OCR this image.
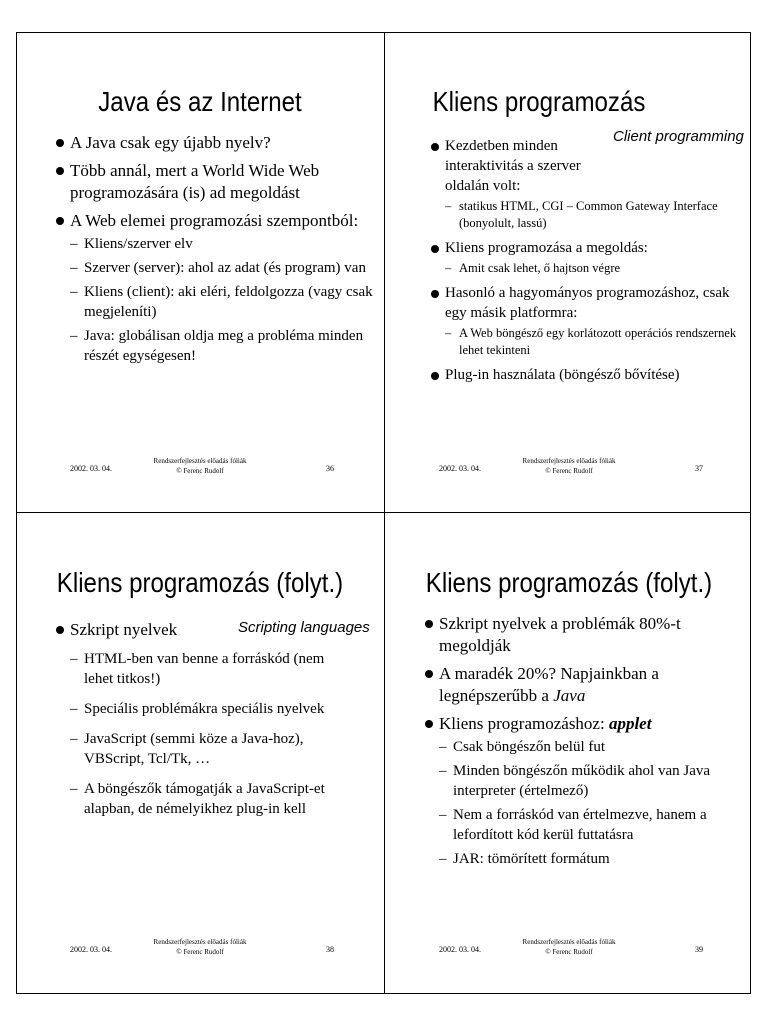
Java és az Internet
A Java csak egy újabb nyelv?
Több annál, mert a World Wide Web programozására (is) ad megoldást
A Web elemei programozási szempontból:
– Kliens/szerver elv
– Szerver (server): ahol az adat (és program) van
– Kliens (client): aki eléri, feldolgozza (vagy csak megjeleníti)
– Java: globálisan oldja meg a probléma minden részét egységesen!
2002. 03. 04.
Rendszerfejlesztés előadás fóliák
© Ferenc Rudolf	36
Kliens programozás
Client programming
Kezdetben minden interaktivitás a szerver oldalán volt:
– statikus HTML, CGI – Common Gateway Interface (bonyolult, lassú)
Kliens programozása a megoldás:
– Amit csak lehet, ő hajtson végre
Hasonló a hagyományos programozáshoz, csak egy másik platformra:
– A Web böngésző egy korlátozott operációs rendszernek lehet tekinteni
Plug-in használata (böngésző bővítése)
2002. 03. 04.
Rendszerfejlesztés előadás fóliák
© Ferenc Rudolf	37
Kliens programozás (folyt.)
Scripting languages
Szkript nyelvek
– HTML-ben van benne a forráskód (nem lehet titkos!)
– Speciális problémákra speciális nyelvek
– JavaScript (semmi köze a Java-hoz), VBScript, Tcl/Tk, …
– A böngészők támogatják a JavaScript-et alapban, de némelyikhez plug-in kell
2002. 03. 04.
Rendszerfejlesztés előadás fóliák
© Ferenc Rudolf	38
Kliens programozás (folyt.)
Szkript nyelvek a problémák 80%-t megoldják
A maradék 20%? Napjainkban a legnépszerűbb a Java
Kliens programozáshoz: applet
– Csak böngészőn belül fut
– Minden böngészőn működik ahol van Java interpreter (értelmező)
– Nem a forráskód van értelmezve, hanem a lefordított kód kerül futtatásra
– JAR: tömörített formátum
2002. 03. 04.
Rendszerfejlesztés előadás fóliák
© Ferenc Rudolf	39
